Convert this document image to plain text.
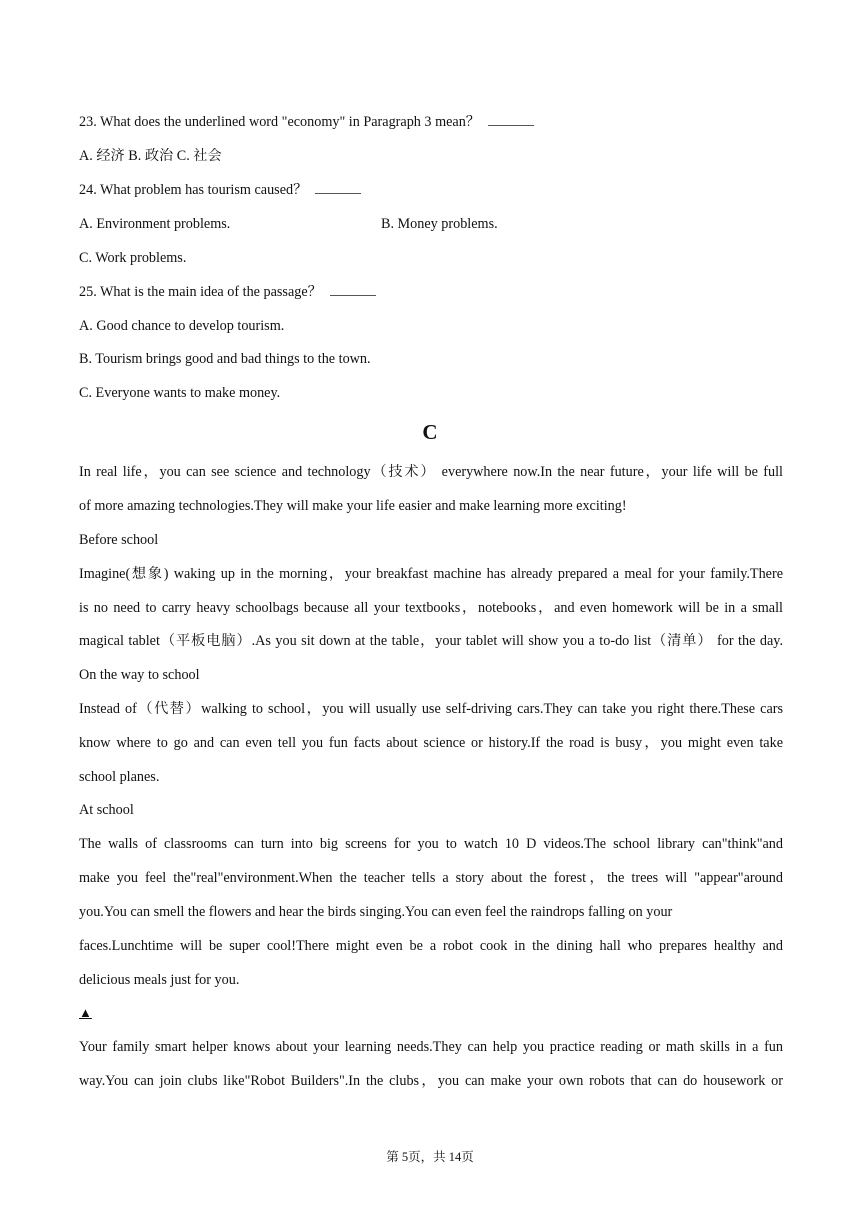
23. What does the underlined word "economy" in Paragraph 3 mean？
A. 经济 B. 政治 C. 社会
24. What problem has tourism caused？
A. Environment problems.	B. Money problems.
C. Work problems.
25. What is the main idea of the passage？
A. Good chance to develop tourism.
B. Tourism brings good and bad things to the town.
C. Everyone wants to make money.
C
In real life，you can see science and technology（技术） everywhere now.In the near future，your life will be full
of more amazing technologies.They will make your life easier and make learning more exciting!
Before school
Imagine(想象) waking up in the morning，your breakfast machine has already prepared a meal for your family.There
is no need to carry heavy schoolbags because all your textbooks，notebooks，and even homework will be in a small
magical tablet（平板电脑）.As you sit down at the table，your tablet will show you a to-do list（清单） for the day.
On the way to school
Instead of（代替）walking to school，you will usually use self-driving cars.They can take you right there.These cars
know where to go and can even tell you fun facts about science or history.If the road is busy，you might even take
school planes.
At school
The walls of classrooms can turn into big screens for you to watch 10 D videos.The school library can"think"and
make you feel the"real"environment.When the teacher tells a story about the forest，the trees will "appear"around
you.You can smell the flowers and hear the birds singing.You can even feel the raindrops falling on your
faces.Lunchtime will be super cool!There might even be a robot cook in the dining hall who prepares healthy and
delicious meals just for you.
▲
Your family smart helper knows about your learning needs.They can help you practice reading or math skills in a fun
way.You can join clubs like"Robot Builders".In the clubs，you can make your own robots that can do housework or
第 5页，共 14页
